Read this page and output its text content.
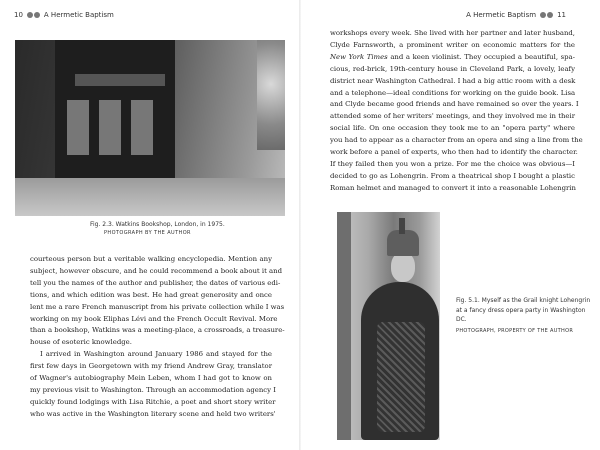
10	A Hermetic Baptism
Fig. 2.3. Watkins Bookshop, London, in 1975.
PHOTOGRAPH BY THE AUTHOR
courteous person but a veritable walking encyclopedia. Mention any
subject, however obscure, and he could recommend a book about it and
tell you the names of the author and publisher, the dates of various edi-
tions, and which edition was best. He had great generosity and once
lent me a rare French manuscript from his private collection while I was
working on my book Eliphas Lévi and the French Occult Revival. More
than a bookshop, Watkins was a meeting-place, a crossroads, a treasure-
house of esoteric knowledge.
I arrived in Washington around January 1986 and stayed for the
first few days in Georgetown with my friend Andrew Gray, translator
of Wagner's autobiography Mein Leben, whom I had got to know on
my previous visit to Washington. Through an accommodation agency I
quickly found lodgings with Lisa Ritchie, a poet and short story writer
who was active in the Washington literary scene and held two writers'
A Hermetic Baptism	11
workshops every week. She lived with her partner and later husband,
Clyde Farnsworth, a prominent writer on economic matters for the
New York Times and a keen violinist. They occupied a beautiful, spa-
cious, red-brick, 19th-century house in Cleveland Park, a lovely, leafy
district near Washington Cathedral. I had a big attic room with a desk
and a telephone—ideal conditions for working on the guide book. Lisa
and Clyde became good friends and have remained so over the years. I
attended some of her writers' meetings, and they involved me in their
social life. On one occasion they took me to an "opera party" where
you had to appear as a character from an opera and sing a line from the
work before a panel of experts, who then had to identify the character.
If they failed then you won a prize. For me the choice was obvious—I
decided to go as Lohengrin. From a theatrical shop I bought a plastic
Roman helmet and managed to convert it into a reasonable Lohengrin
Fig. 5.1. Myself as the Grail knight Lohengrin at a fancy dress opera party in Washington DC.
PHOTOGRAPH, PROPERTY OF THE AUTHOR
